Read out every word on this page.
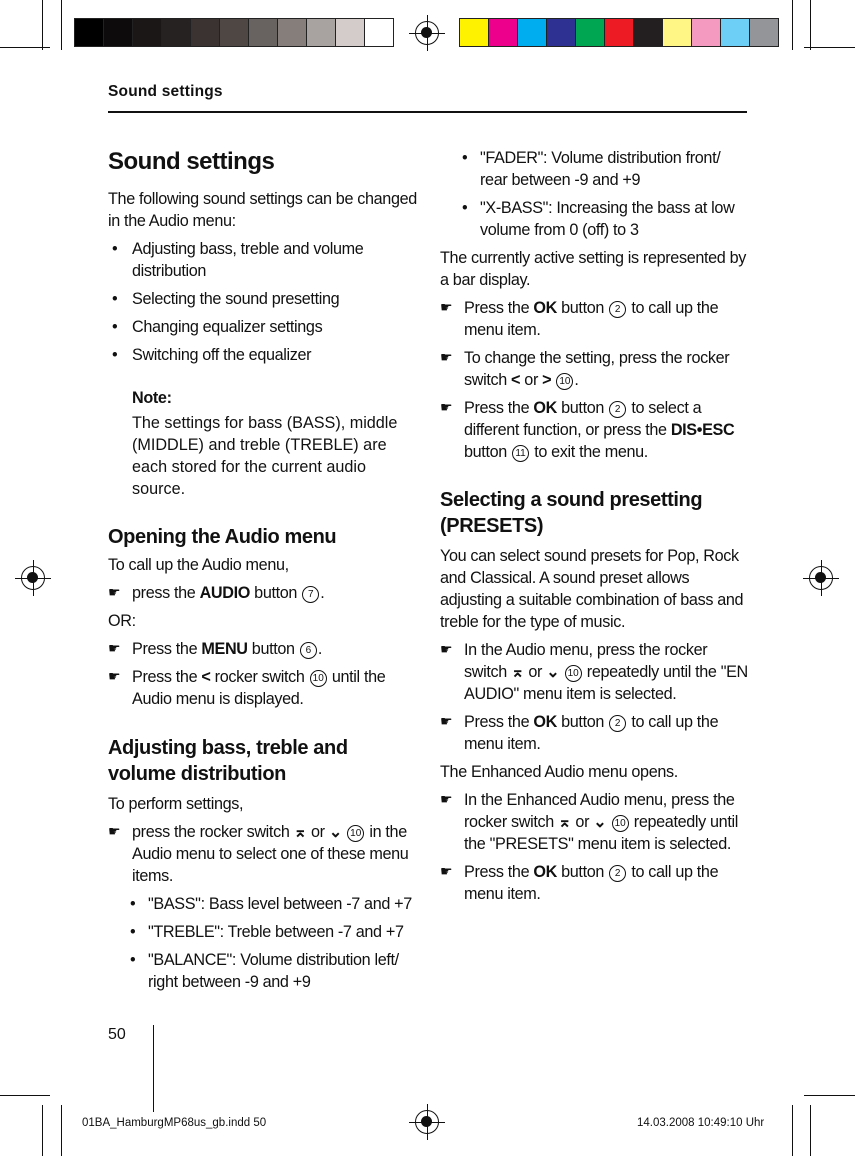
Sound settings
Sound settings

The following sound settings can be changed in the Audio menu:

• Adjusting bass, treble and volume distribution

• Selecting the sound presetting

• Changing equalizer settings

• Switching off the equalizer

Note:

The settings for bass (BASS), middle (MIDDLE) and treble (TREBLE) are each stored for the current audio source.

Opening the Audio menu

To call up the Audio menu,

☛ press the AUDIO button 7 .

OR:

☛ Press the MENU button 6 .

☛ Press the < rocker switch 10 until the Audio menu is displayed.

Adjusting bass, treble and
volume distribution

To perform settings,

☛ press the rocker switch ⌅ or ⌄ 10 in the Audio menu to select one of these menu items.

• "BASS": Bass level between -7 and +7

• "TREBLE": Treble between -7 and +7

• "BALANCE": Volume distribution left/ right between -9 and +9

• "FADER": Volume distribution front/ rear between -9 and +9

• "X-BASS": Increasing the bass at low volume from 0 (off) to 3

The currently active setting is represented by a bar display.

☛ Press the OK button 2 to call up the menu item.

☛ To change the setting, press the rocker switch < or > 10 .

☛ Press the OK button 2 to select a different function, or press the DIS•ESC button 11 to exit the menu.

Selecting a sound presetting
(PRESETS)

You can select sound presets for Pop, Rock and Classical. A sound preset allows adjusting a suitable combination of bass and treble for the type of music.

☛ In the Audio menu, press the rocker switch ⌅ or ⌄ 10 repeatedly until the "EN AUDIO" menu item is selected.

☛ Press the OK button 2 to call up the menu item.

The Enhanced Audio menu opens.

☛ In the Enhanced Audio menu, press the rocker switch ⌅ or ⌄ 10 repeatedly until the "PRESETS" menu item is selected.

☛ Press the OK button 2 to call up the menu item.

50
01BA_HamburgMP68us_gb.indd 50	14.03.2008 10:49:10 Uhr
